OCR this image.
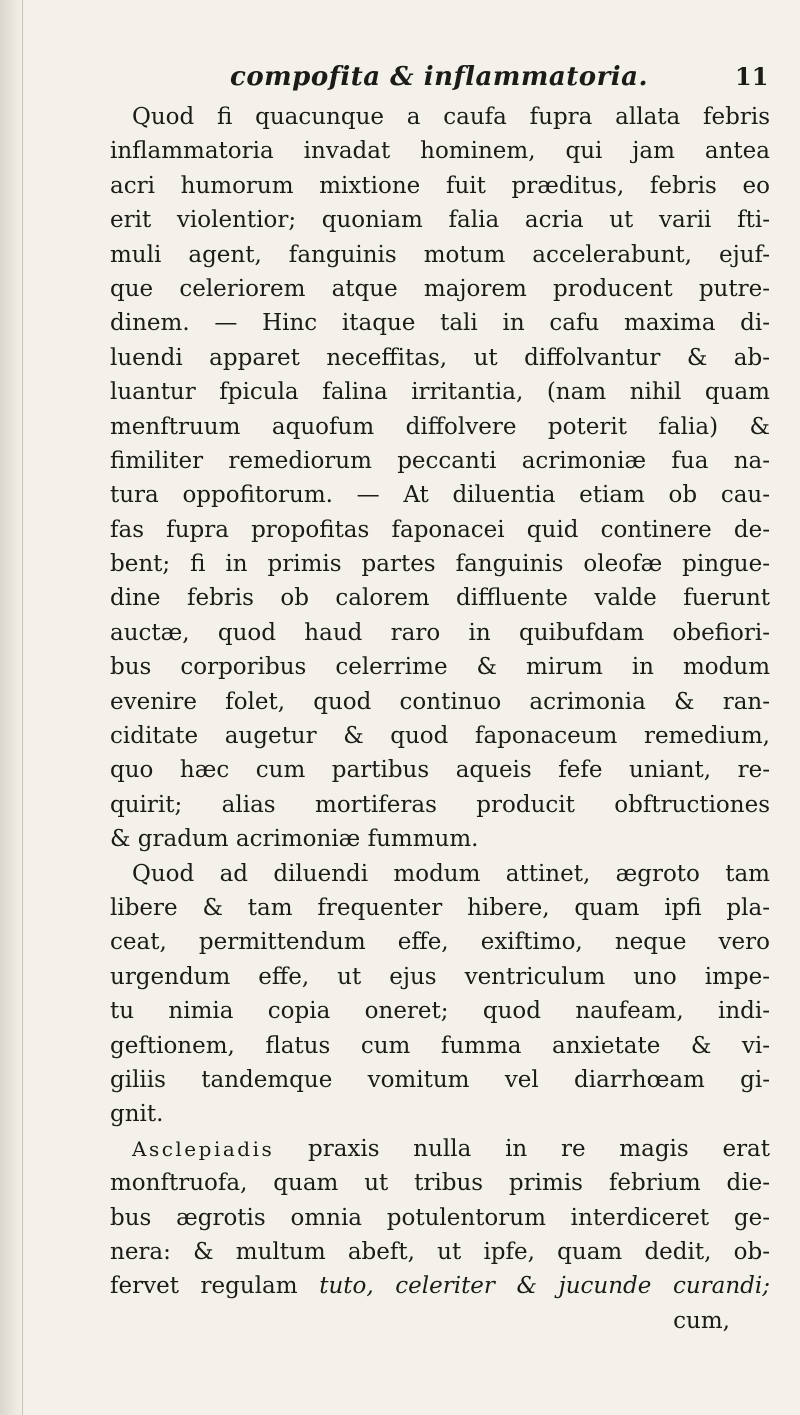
compofita & inflammatoria.	11
Quod fi quacunque a caufa fupra allata febris
inflammatoria invadat hominem, qui jam antea
acri humorum mixtione fuit præditus, febris eo
erit violentior; quoniam falia acria ut varii fti-
muli agent, fanguinis motum accelerabunt, ejuf-
que celeriorem atque majorem producent putre-
dinem. — Hinc itaque tali in cafu maxima di-
luendi apparet neceffitas, ut diffolvantur & ab-
luantur fpicula falina irritantia, (nam nihil quam
menftruum aquofum diffolvere poterit falia) &
fimiliter remediorum peccanti acrimoniæ fua na-
tura oppofitorum. — At diluentia etiam ob cau-
fas fupra propofitas faponacei quid continere de-
bent; fi in primis partes fanguinis oleofæ pingue-
dine febris ob calorem diffluente valde fuerunt
auctæ, quod haud raro in quibufdam obefiori-
bus corporibus celerrime & mirum in modum
evenire folet, quod continuo acrimonia & ran-
ciditate augetur & quod faponaceum remedium,
quo hæc cum partibus aqueis fefe uniant, re-
quirit; alias mortiferas producit obftructiones
& gradum acrimoniæ fummum.
Quod ad diluendi modum attinet, ægroto tam
libere & tam frequenter hibere, quam ipfi pla-
ceat, permittendum effe, exiftimo, neque vero
urgendum effe, ut ejus ventriculum uno impe-
tu nimia copia oneret; quod naufeam, indi-
geftionem, flatus cum fumma anxietate & vi-
giliis tandemque vomitum vel diarrhœam gi-
gnit.
Asclepiadis praxis nulla in re magis erat
monftruofa, quam ut tribus primis febrium die-
bus ægrotis omnia potulentorum interdiceret ge-
nera: & multum abeft, ut ipfe, quam dedit, ob-
fervet regulam tuto, celeriter & jucunde curandi;
cum,
